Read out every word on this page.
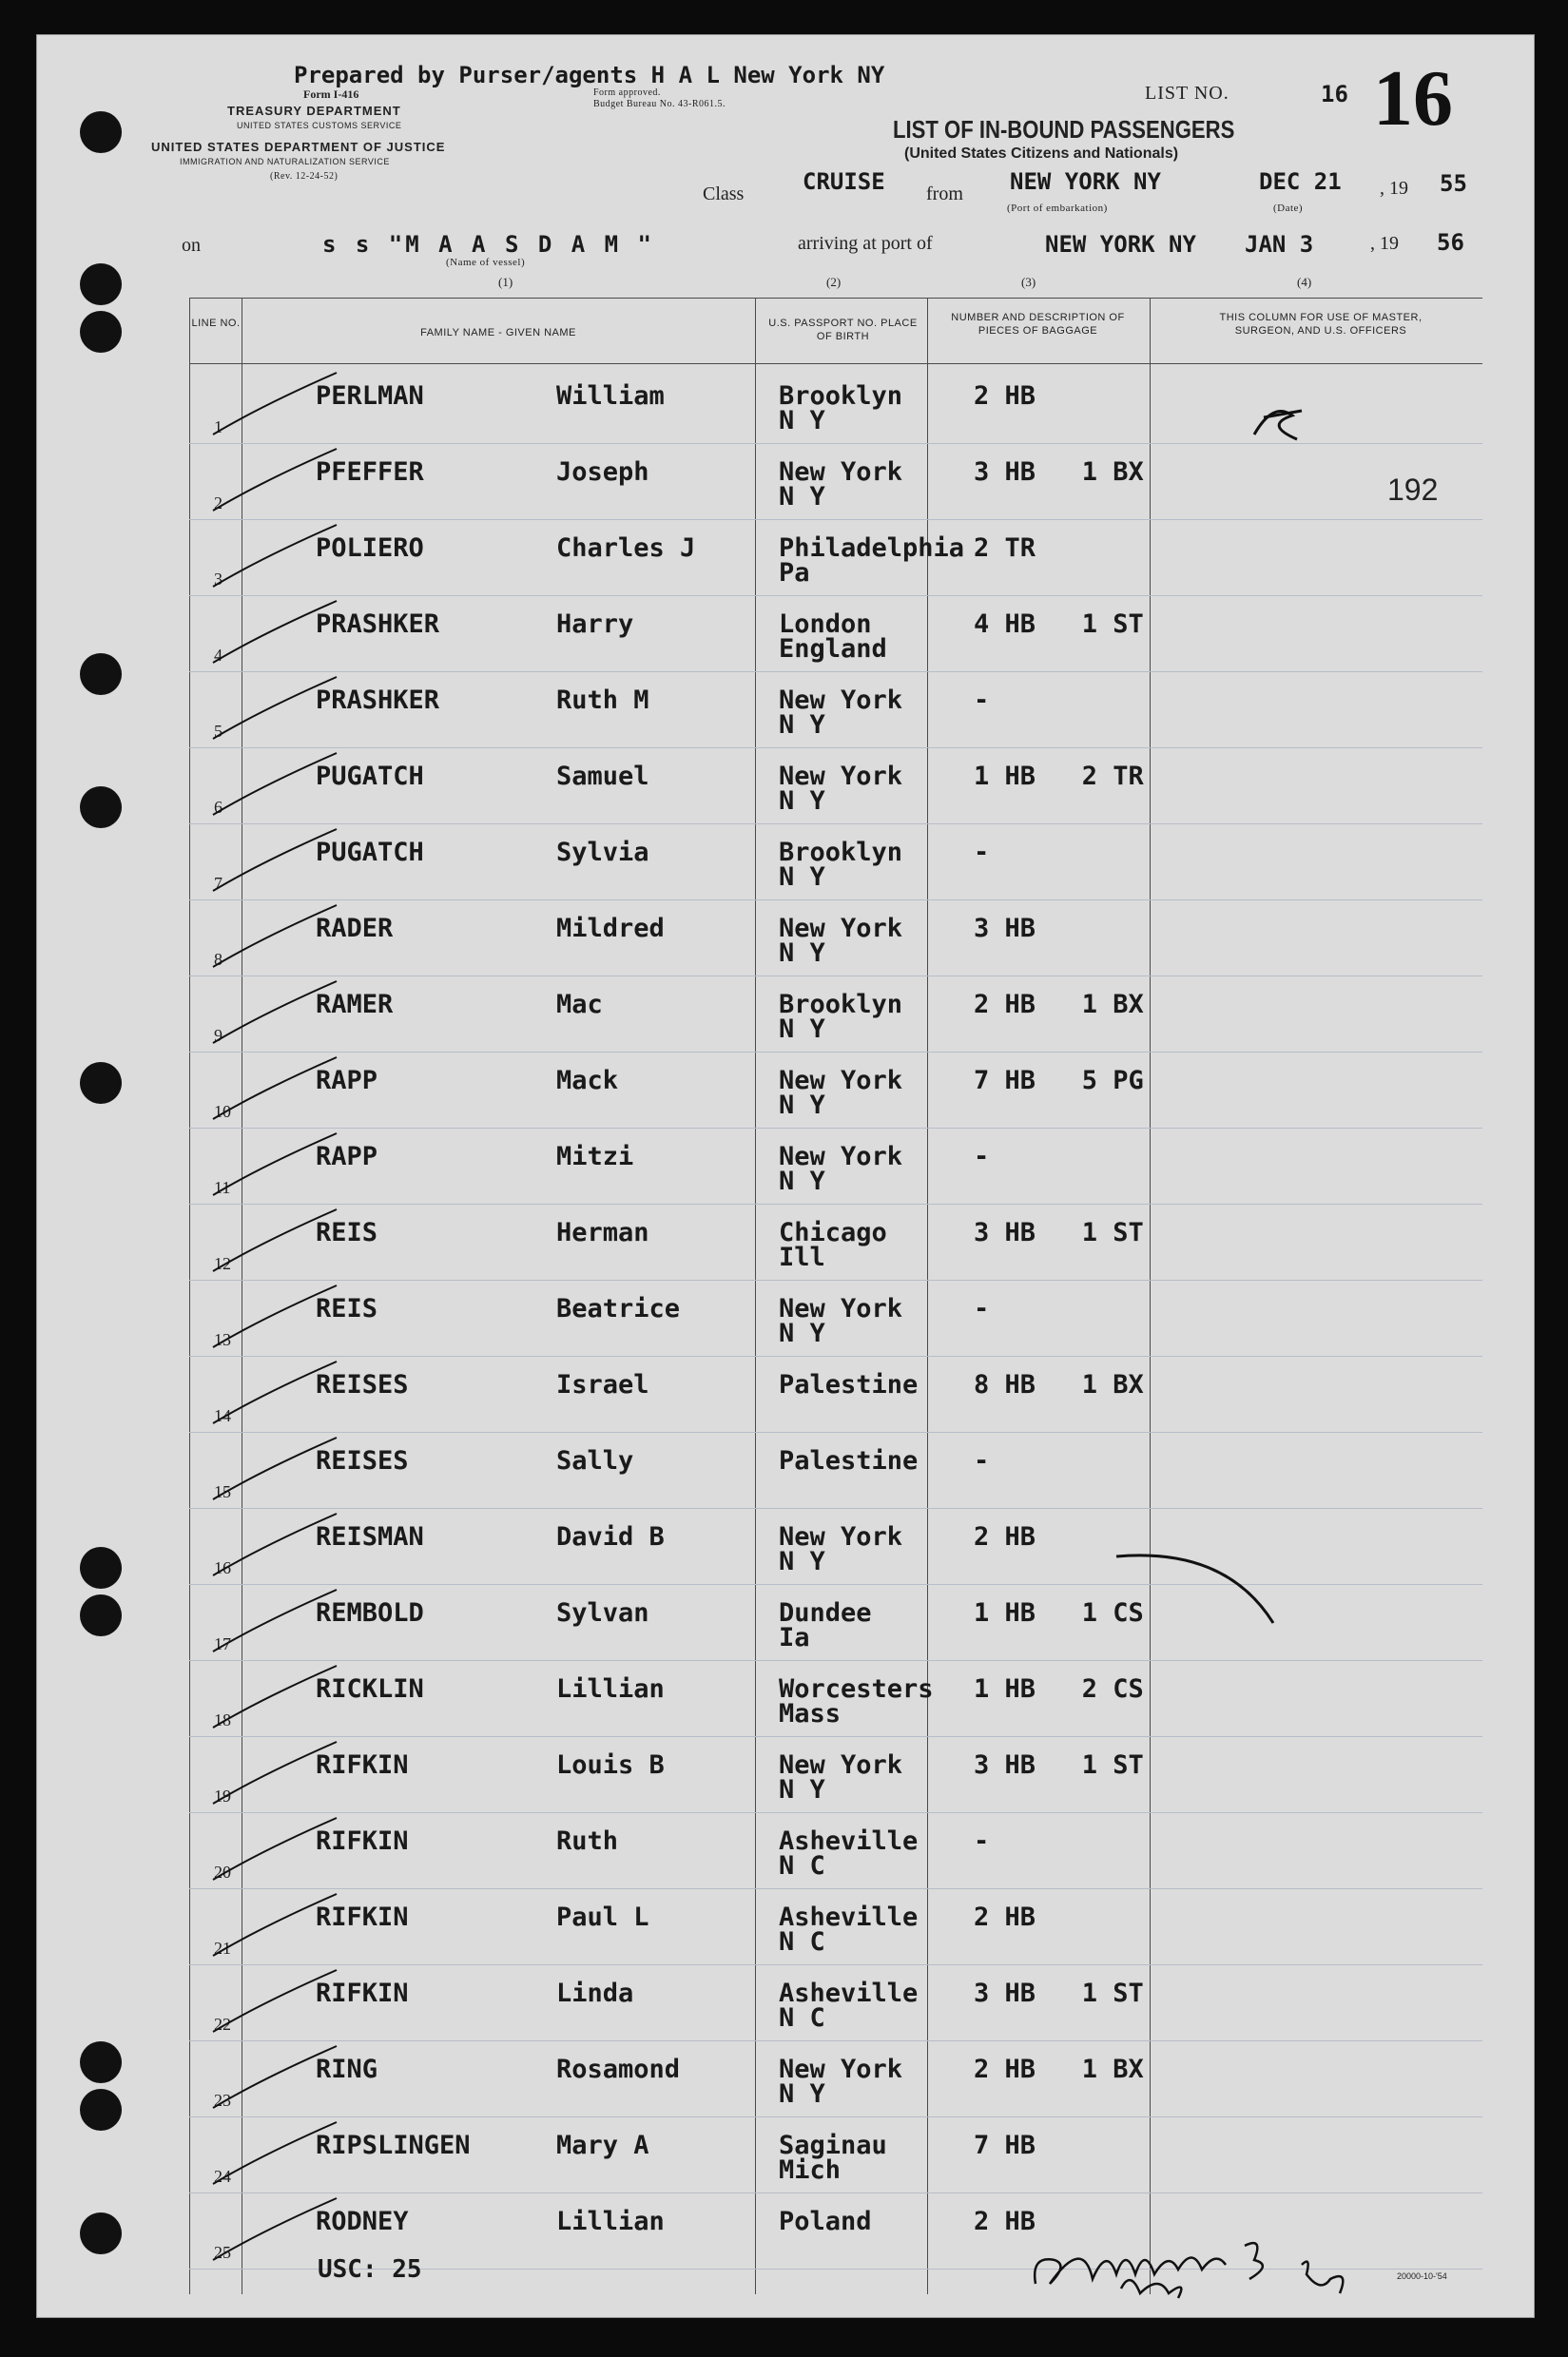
Prepared by Purser/agents H A L New York NY
Form I-416	Form approved.
Budget Bureau No. 43-R061.5.
TREASURY DEPARTMENT
UNITED STATES CUSTOMS SERVICE
UNITED STATES DEPARTMENT OF JUSTICE
IMMIGRATION AND NATURALIZATION SERVICE
(Rev. 12-24-52)
LIST NO.	16 16
LIST OF IN-BOUND PASSENGERS
(United States Citizens and Nationals)
Class	CRUISE from NEW YORK NY
(Port of embarkation)
DEC 21 , 19 55
(Date)
on	s s "M A A S D A M "
(Name of vessel)
arriving at port of	NEW YORK NY JAN 3	, 19 56
(1)	(2)	(3)	(4)
LINE NO.
FAMILY NAME - GIVEN NAME
U.S. PASSPORT NO. PLACE OF BIRTH
NUMBER AND DESCRIPTION OF PIECES OF BAGGAGE
THIS COLUMN FOR USE OF MASTER, SURGEON, AND U.S. OFFICERS
1
PERLMAN	William	Brooklyn
N Y
2 HB
2
PFEFFER	Joseph	New York
N Y
3 HB   1 BX
3
POLIERO	Charles J	Philadelphia
Pa
2 TR
4
PRASHKER	Harry	London
England
4 HB   1 ST
5
PRASHKER	Ruth M	New York
N Y
-
6
PUGATCH	Samuel	New York
N Y
1 HB   2 TR
7
PUGATCH	Sylvia	Brooklyn
N Y
-
8
RADER	Mildred	New York
N Y
3 HB
9
RAMER	Mac	Brooklyn
N Y
2 HB   1 BX
10
RAPP	Mack	New York
N Y
7 HB   5 PG
11
RAPP	Mitzi	New York
N Y
-
12
REIS	Herman	Chicago
Ill
3 HB   1 ST
13
REIS	Beatrice	New York
N Y
-
14
REISES	Israel	Palestine 8 HB   1 BX
15
REISES	Sally	Palestine -
16
REISMAN	David B	New York
N Y
2 HB
17
REMBOLD	Sylvan	Dundee
Ia
1 HB   1 CS
18
RICKLIN	Lillian	Worcesters
Mass
1 HB   2 CS
19
RIFKIN	Louis B	New York
N Y
3 HB   1 ST
20
RIFKIN	Ruth	Asheville
N C
-
21
RIFKIN	Paul L	Asheville
N C
2 HB
22
RIFKIN	Linda	Asheville
N C
3 HB   1 ST
23
RING	Rosamond	New York
N Y
2 HB   1 BX
24
RIPSLINGEN	Mary A	Saginau
Mich
7 HB
25
RODNEY	Lillian	Poland	2 HB
192
USC: 25	20000-10-'54
